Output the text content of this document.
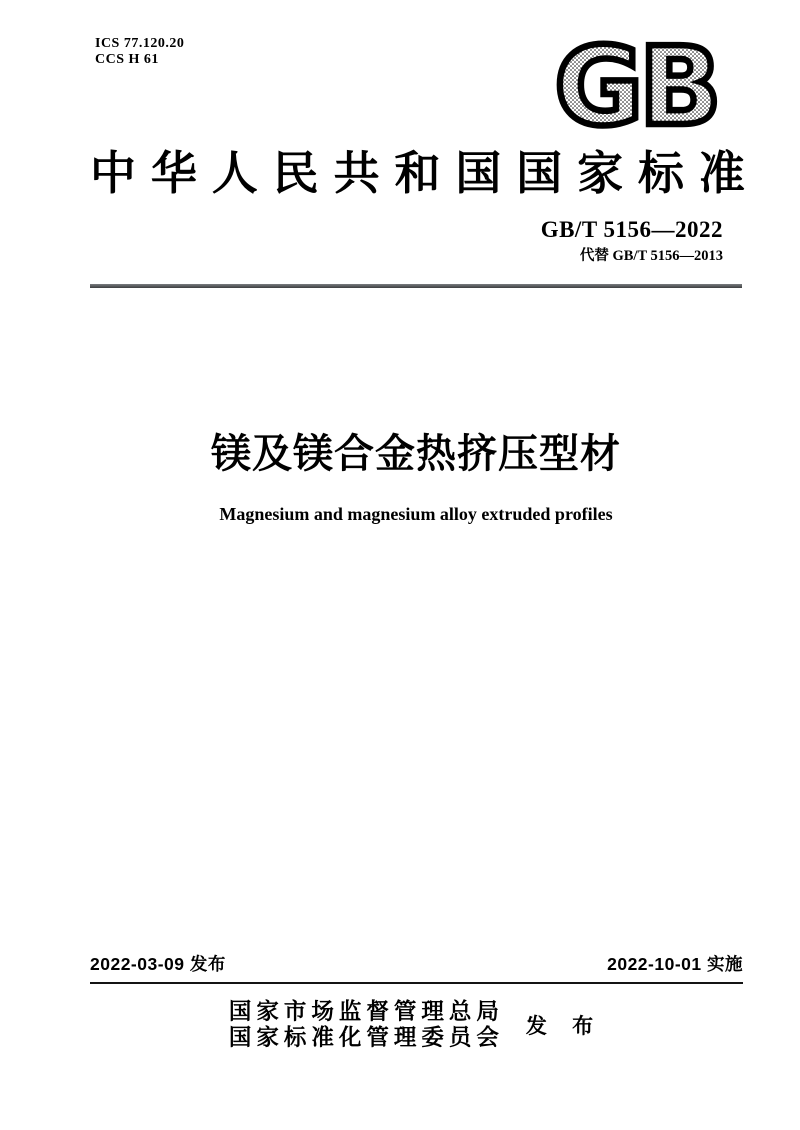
ICS 77.120.20
CCS H 61	GB
中 华 人 民 共 和 国 国 家 标 准
GB/T 5156—2022
代替 GB/T 5156—2013
镁及镁合金热挤压型材
Magnesium and magnesium alloy extruded profiles
2022-03-09 发布	2022-10-01 实施
国家市场监督管理总局
国家标准化管理委员会 发 布
